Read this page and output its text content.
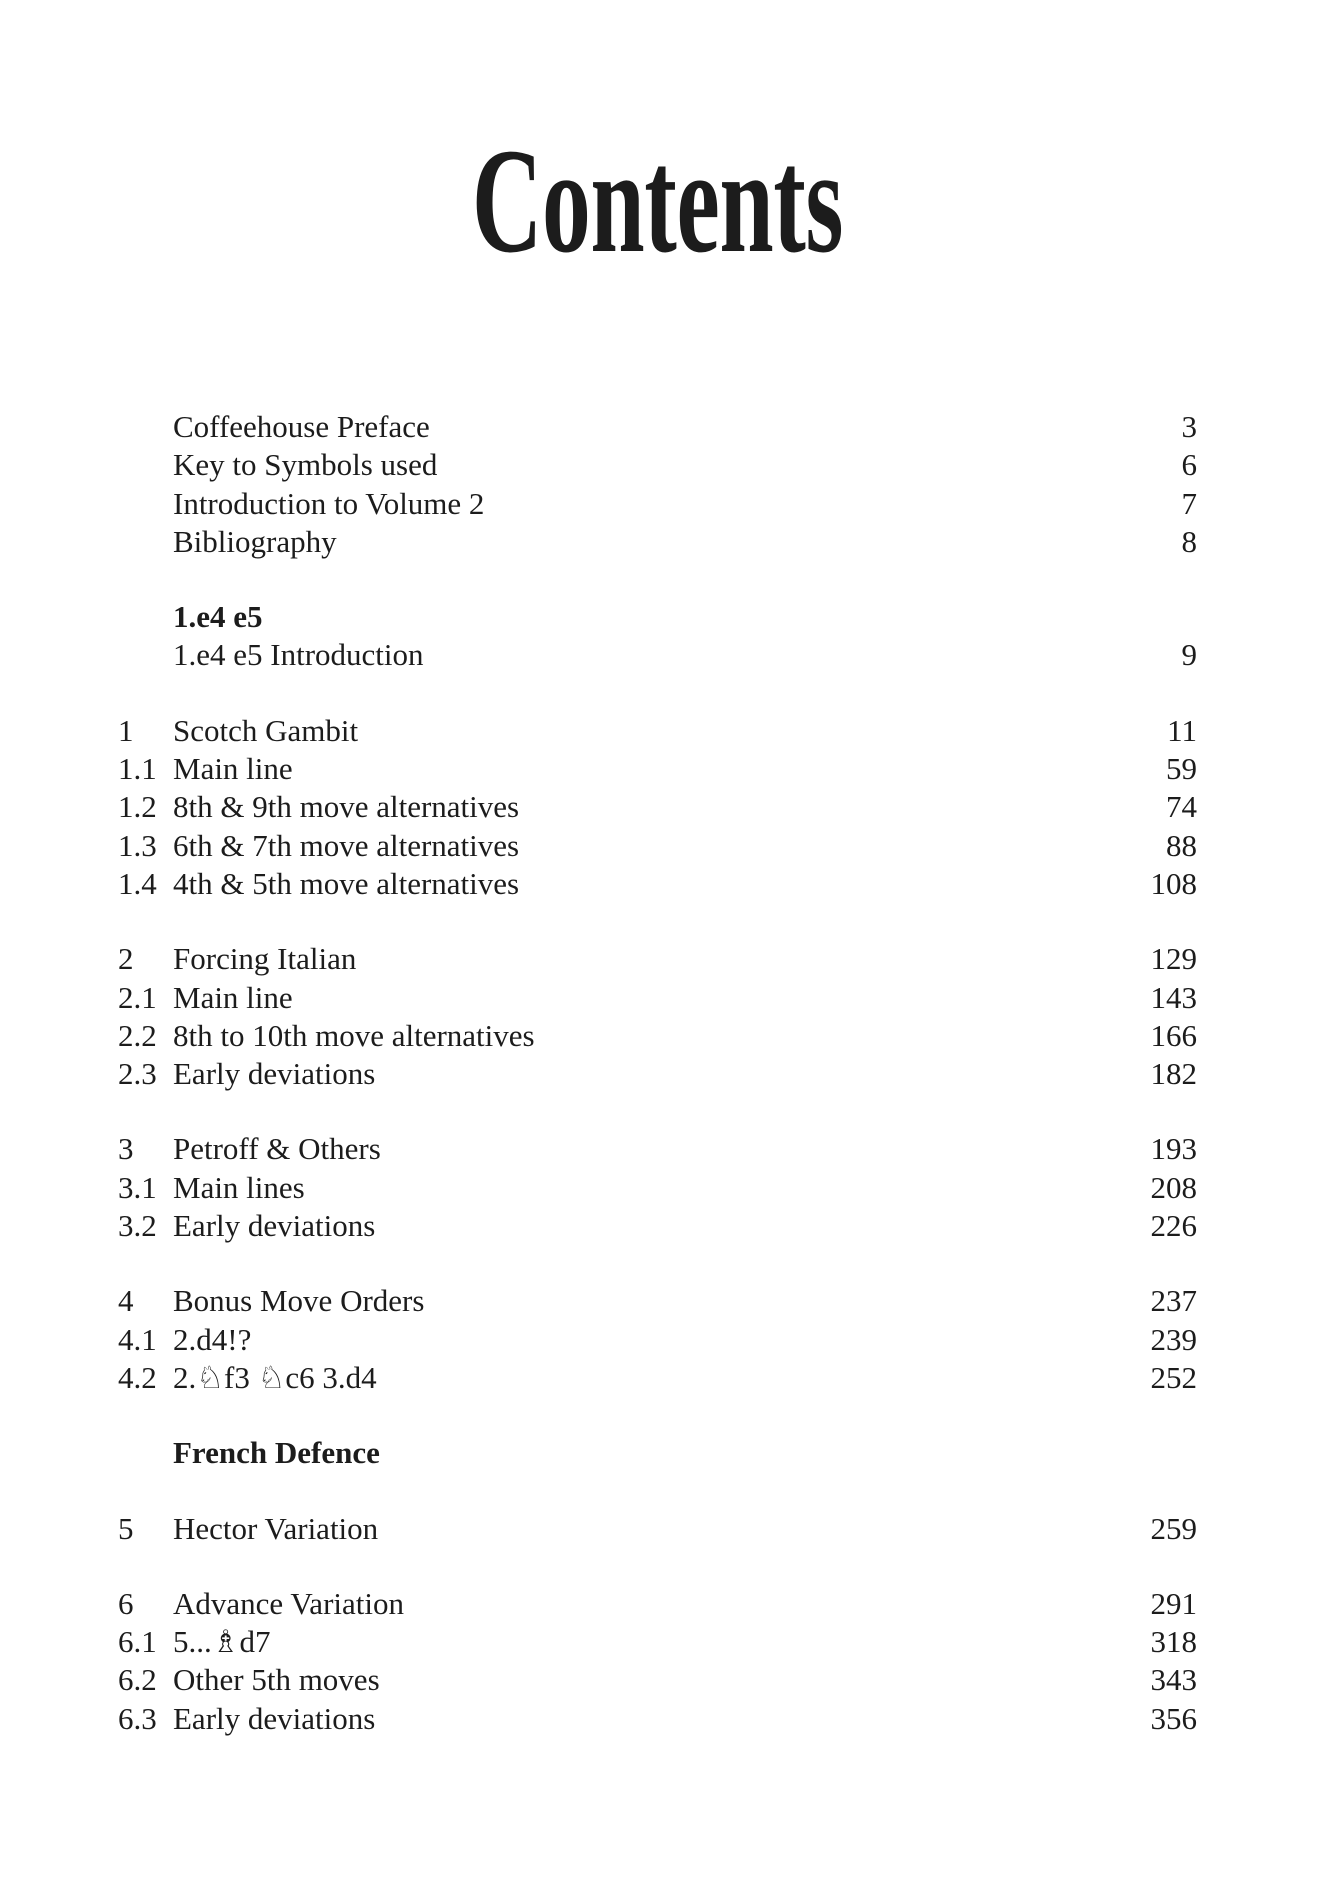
Contents
Coffeehouse Preface	3
Key to Symbols used	6
Introduction to Volume 2	7
Bibliography	8
1.e4 e5
1.e4 e5 Introduction	9
1	Scotch Gambit	11
1.1 Main line	59
1.2 8th & 9th move alternatives	74
1.3 6th & 7th move alternatives	88
1.4 4th & 5th move alternatives	108
2	Forcing Italian	129
2.1 Main line	143
2.2 8th to 10th move alternatives	166
2.3 Early deviations	182
3	Petroff & Others	193
3.1 Main lines	208
3.2 Early deviations	226
4	Bonus Move Orders	237
4.1 2.d4!?	239
4.2 2.♘f3 ♘c6 3.d4	252
French Defence
5	Hector Variation	259
6	Advance Variation	291
6.1 5...♗d7	318
6.2 Other 5th moves	343
6.3 Early deviations	356
